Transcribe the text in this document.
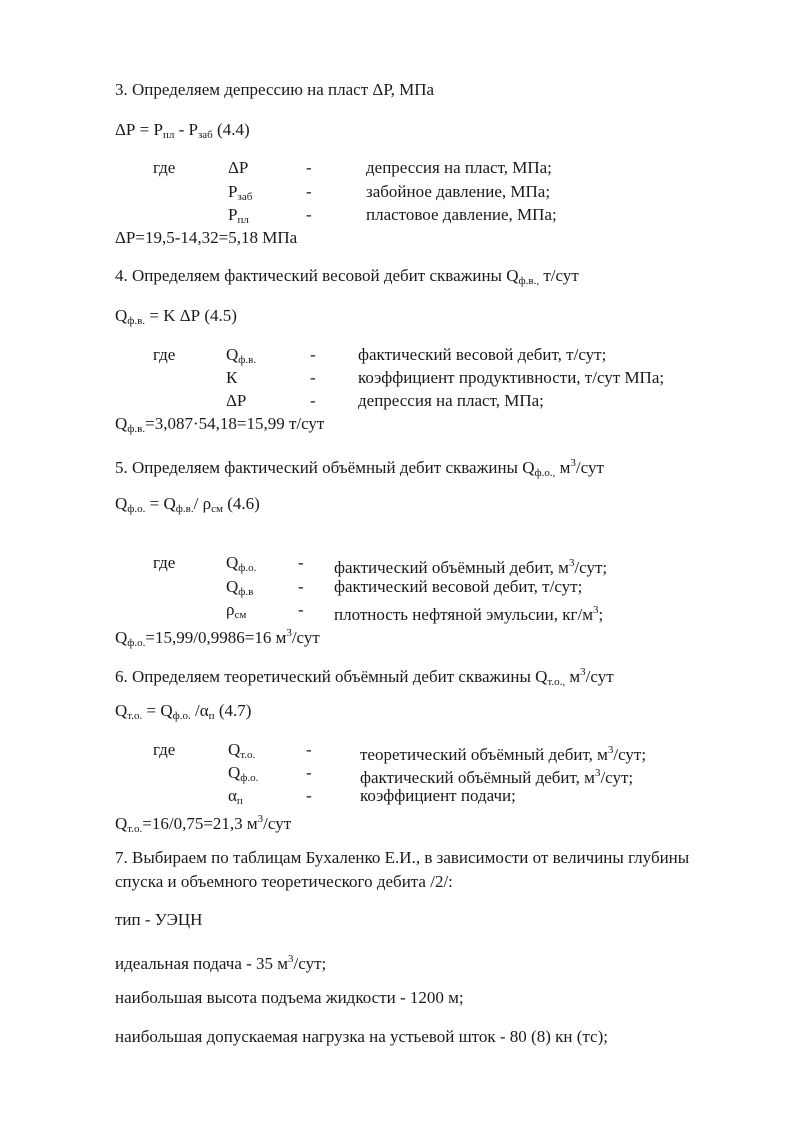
3. Определяем депрессию на пласт ΔР, МПа
$\Delta Р = Р_{пл} - Р_{заб}$ (4.4)
где	ΔР	-	депрессия на пласт, МПа;
$Р_{заб}$	-	забойное давление, МПа;
$Р_{пл}$	-	пластовое давление, МПа;
ΔР=19,5-14,32=5,18 МПа
4. Определяем фактический весовой дебит скважины $Q_{ф.в.,}$ т/сут
$Q_{ф.в.} = K$ ΔР (4.5)
где	$Q_{ф.в.}$	- фактический весовой дебит, т/сут;
К	- коэффициент продуктивности, т/сут МПа;
ΔР	- депрессия на пласт, МПа;
$Q_{ф.в.}=3,087\cdot 54,18=15,99$ т/сут
5. Определяем фактический объёмный дебит скважины $Q_{ф.о.,}$ $м^3$/сут
$Q_{ф.о.} = Q_{ф.в.}/$ $\rho_{см}$ (4.6)
где	$Q_{ф.о.}$ - фактический объёмный дебит, $м^3$/сут;
$Q_{ф.в}$	- фактический весовой дебит, т/сут;
$\rho_{см}$	- плотность нефтяной эмульсии, $кг/м^3$;
$Q_{ф.о.}=15,99/0,9986=16$ $м^3$/сут
6. Определяем теоретический объёмный дебит скважины $Q_{т.о.,}$ $м^3$/сут
$Q_{т.о.} = Q_{ф.о.}$ $/\alpha_п$ (4.7)
где	$Q_{т.о.}$	-	теоретический объёмный дебит, $м^3$/сут;
$Q_{ф.о.}$	-	фактический объёмный дебит, $м^3$/сут;
$\alpha_п$	-	коэффициент подачи;
$Q_{т.о.}=16/0,75=21,3$ $м^3$/сут
7. Выбираем по таблицам Бухаленко Е.И., в зависимости от величины глубины
спуска и объемного теоретического дебита /2/:
тип - УЭЦН
идеальная подача - 35 $м^3$/сут;
наибольшая высота подъема жидкости - 1200 м;
наибольшая допускаемая нагрузка на устьевой шток - 80 (8) кн (тс);
